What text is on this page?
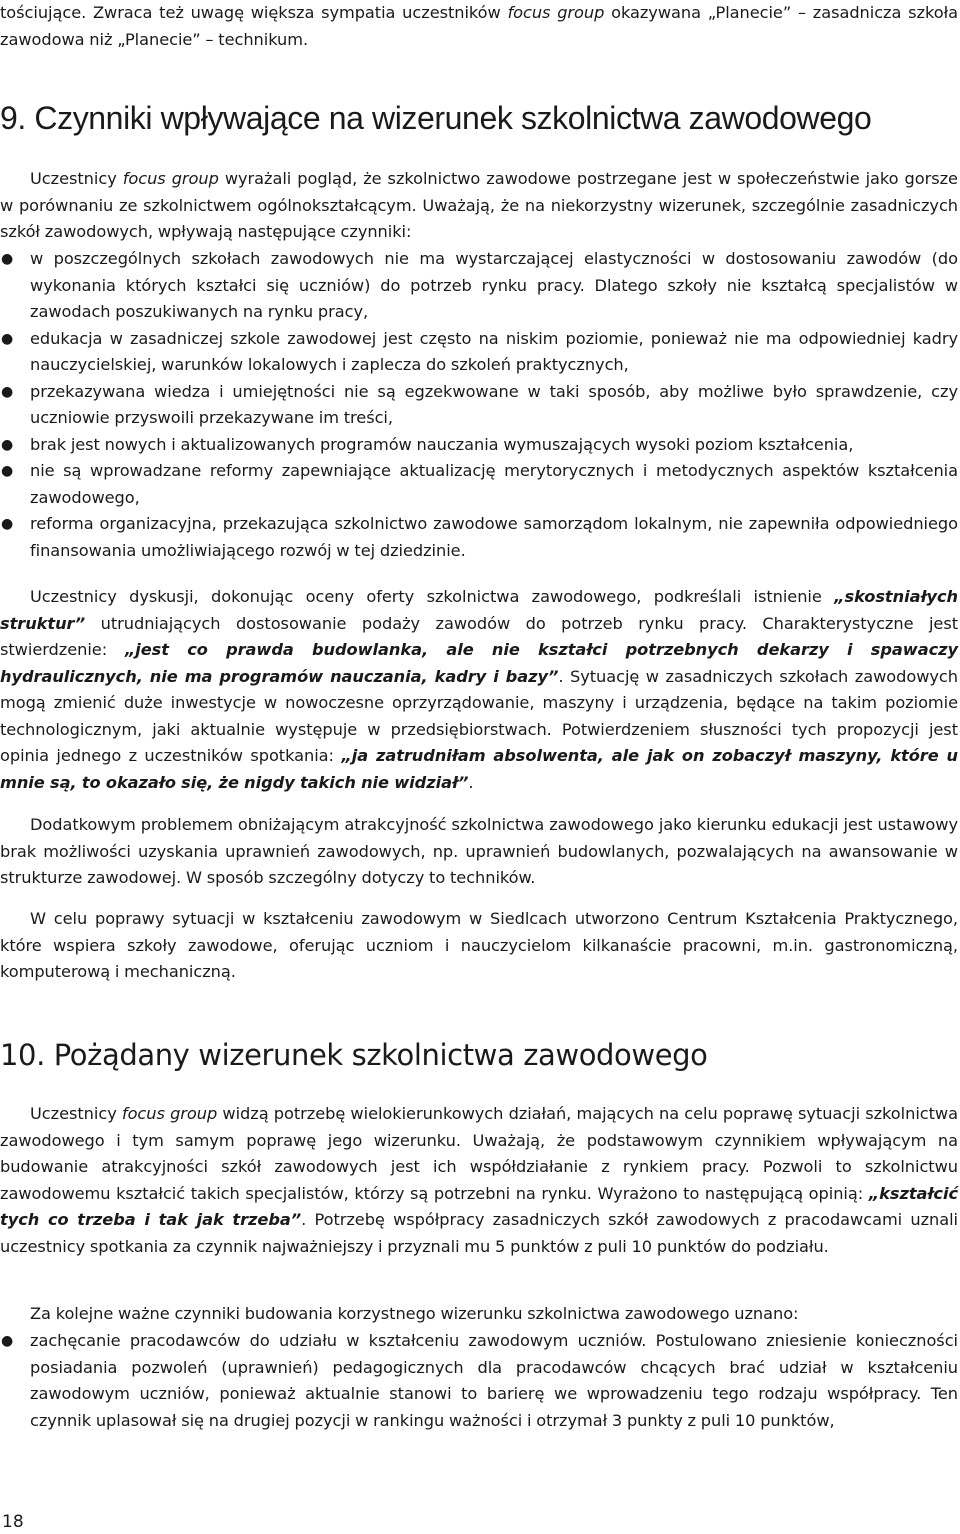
tościujące. Zwraca też uwagę większa sympatia uczestników focus group okazywana „Planecie” – zasadnicza szkoła zawodowa niż „Planecie” – technikum.

9. Czynniki wpływające na wizerunek szkolnictwa zawodowego

Uczestnicy focus group wyrażali pogląd, że szkolnictwo zawodowe postrzegane jest w społeczeństwie jako gorsze w porównaniu ze szkolnictwem ogólnokształcącym. Uważają, że na niekorzystny wizerunek, szczególnie zasadniczych szkół zawodowych, wpływają następujące czynniki:

● w poszczególnych szkołach zawodowych nie ma wystarczającej elastyczności w dostosowaniu zawodów (do wykonania których kształci się uczniów) do potrzeb rynku pracy. Dlatego szkoły nie kształcą specjalistów w zawodach poszukiwanych na rynku pracy,
● edukacja w zasadniczej szkole zawodowej jest często na niskim poziomie, ponieważ nie ma odpowiedniej kadry nauczycielskiej, warunków lokalowych i zaplecza do szkoleń praktycznych,
● przekazywana wiedza i umiejętności nie są egzekwowane w taki sposób, aby możliwe było sprawdzenie, czy uczniowie przyswoili przekazywane im treści,
● brak jest nowych i aktualizowanych programów nauczania wymuszających wysoki poziom kształcenia,
● nie są wprowadzane reformy zapewniające aktualizację merytorycznych i metodycznych aspektów kształcenia zawodowego,
● reforma organizacyjna, przekazująca szkolnictwo zawodowe samorządom lokalnym, nie zapewniła odpowiedniego finansowania umożliwiającego rozwój w tej dziedzinie.

Uczestnicy dyskusji, dokonując oceny oferty szkolnictwa zawodowego, podkreślali istnienie „skostniałych struktur” utrudniających dostosowanie podaży zawodów do potrzeb rynku pracy. Charakterystyczne jest stwierdzenie: „jest co prawda budowlanka, ale nie kształci potrzebnych dekarzy i spawaczy hydraulicznych, nie ma programów nauczania, kadry i bazy”. Sytuację w zasadniczych szkołach zawodowych mogą zmienić duże inwestycje w nowoczesne oprzyrządowanie, maszyny i urządzenia, będące na takim poziomie technologicznym, jaki aktualnie występuje w przedsiębiorstwach. Potwierdzeniem słuszności tych propozycji jest opinia jednego z uczestników spotkania: „ja zatrudniłam absolwenta, ale jak on zobaczył maszyny, które u mnie są, to okazało się, że nigdy takich nie widział”.

Dodatkowym problemem obniżającym atrakcyjność szkolnictwa zawodowego jako kierunku edukacji jest ustawowy brak możliwości uzyskania uprawnień zawodowych, np. uprawnień budowlanych, pozwalających na awansowanie w strukturze zawodowej. W sposób szczególny dotyczy to techników.

W celu poprawy sytuacji w kształceniu zawodowym w Siedlcach utworzono Centrum Kształcenia Praktycznego, które wspiera szkoły zawodowe, oferując uczniom i nauczycielom kilkanaście pracowni, m.in. gastronomiczną, komputerową i mechaniczną.

10. Pożądany wizerunek szkolnictwa zawodowego

Uczestnicy focus group widzą potrzebę wielokierunkowych działań, mających na celu poprawę sytuacji szkolnictwa zawodowego i tym samym poprawę jego wizerunku. Uważają, że podstawowym czynnikiem wpływającym na budowanie atrakcyjności szkół zawodowych jest ich współdziałanie z rynkiem pracy. Pozwoli to szkolnictwu zawodowemu kształcić takich specjalistów, którzy są potrzebni na rynku. Wyrażono to następującą opinią: „kształcić tych co trzeba i tak jak trzeba”. Potrzebę współpracy zasadniczych szkół zawodowych z pracodawcami uznali uczestnicy spotkania za czynnik najważniejszy i przyznali mu 5 punktów z puli 10 punktów do podziału.

Za kolejne ważne czynniki budowania korzystnego wizerunku szkolnictwa zawodowego uznano:

● zachęcanie pracodawców do udziału w kształceniu zawodowym uczniów. Postulowano zniesienie konieczności posiadania pozwoleń (uprawnień) pedagogicznych dla pracodawców chcących brać udział w kształceniu zawodowym uczniów, ponieważ aktualnie stanowi to barierę we wprowadzeniu tego rodzaju współpracy. Ten czynnik uplasował się na drugiej pozycji w rankingu ważności i otrzymał 3 punkty z puli 10 punktów,
18
